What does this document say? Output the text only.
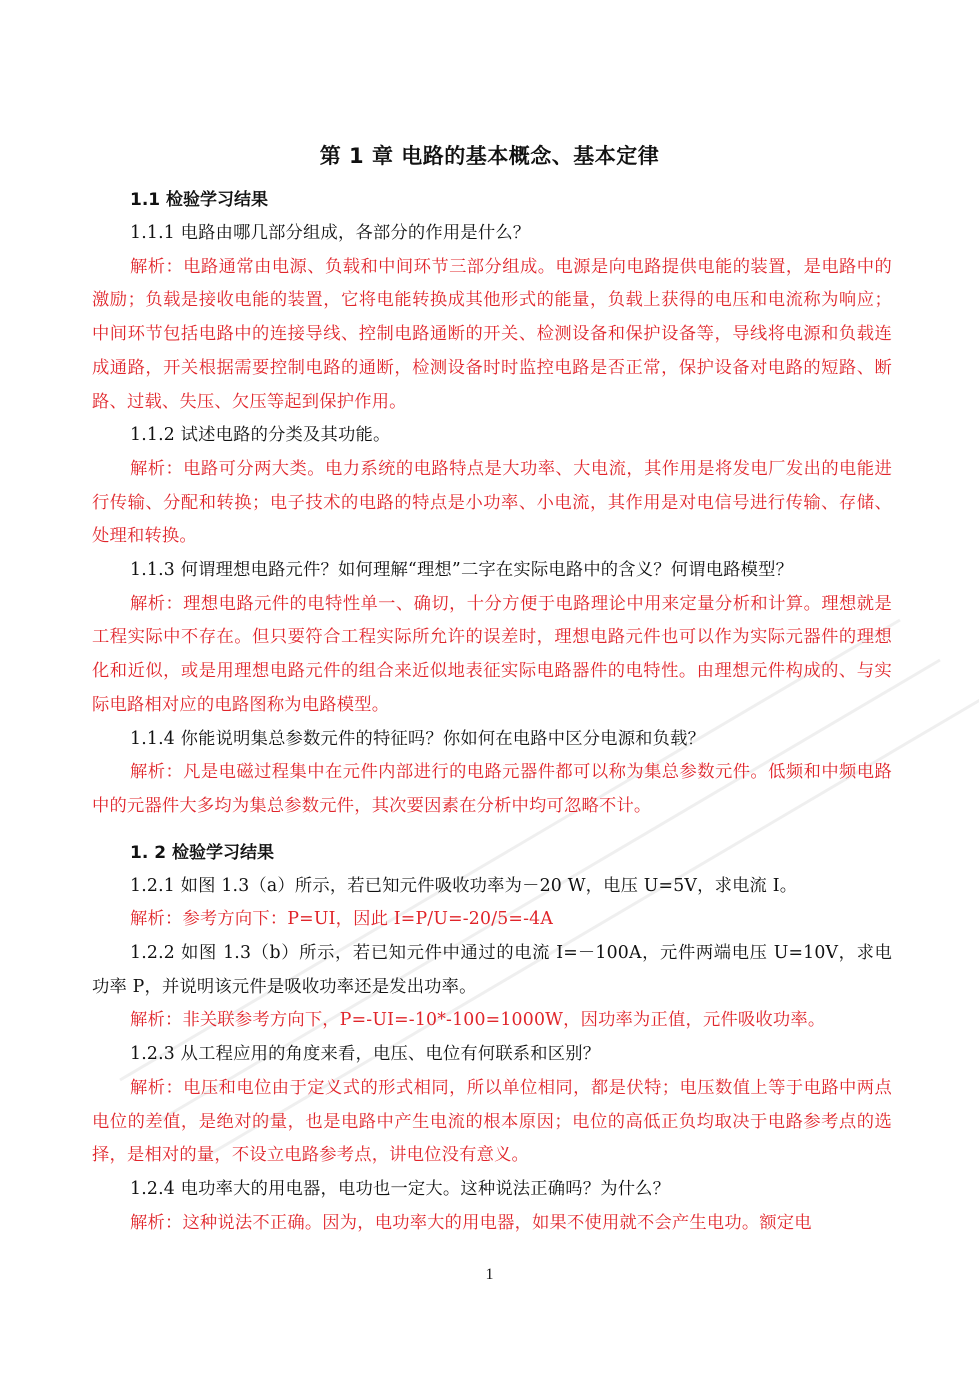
第 1 章 电路的基本概念、基本定律

1.1 检验学习结果

1.1.1 电路由哪几部分组成，各部分的作用是什么？

解析：电路通常由电源、负载和中间环节三部分组成。电源是向电路提供电能的装置，是电路中的激励；负载是接收电能的装置，它将电能转换成其他形式的能量，负载上获得的电压和电流称为响应；中间环节包括电路中的连接导线、控制电路通断的开关、检测设备和保护设备等，导线将电源和负载连成通路，开关根据需要控制电路的通断，检测设备时时监控电路是否正常，保护设备对电路的短路、断路、过载、失压、欠压等起到保护作用。

1.1.2 试述电路的分类及其功能。

解析：电路可分两大类。电力系统的电路特点是大功率、大电流，其作用是将发电厂发出的电能进行传输、分配和转换；电子技术的电路的特点是小功率、小电流，其作用是对电信号进行传输、存储、处理和转换。

1.1.3 何谓理想电路元件？如何理解“理想”二字在实际电路中的含义？何谓电路模型？

解析：理想电路元件的电特性单一、确切，十分方便于电路理论中用来定量分析和计算。理想就是工程实际中不存在。但只要符合工程实际所允许的误差时，理想电路元件也可以作为实际元器件的理想化和近似，或是用理想电路元件的组合来近似地表征实际电路器件的电特性。由理想元件构成的、与实际电路相对应的电路图称为电路模型。

1.1.4 你能说明集总参数元件的特征吗？你如何在电路中区分电源和负载？

解析：凡是电磁过程集中在元件内部进行的电路元器件都可以称为集总参数元件。低频和中频电路中的元器件大多均为集总参数元件，其次要因素在分析中均可忽略不计。

1. 2 检验学习结果

1.2.1 如图 1.3（a）所示，若已知元件吸收功率为－20 W，电压 U=5V，求电流 I。

解析：参考方向下：P=UI，因此 I=P/U=-20/5=-4A

1.2.2 如图 1.3（b）所示，若已知元件中通过的电流 I=－100A，元件两端电压 U=10V，求电功率 P，并说明该元件是吸收功率还是发出功率。

解析：非关联参考方向下，P=-UI=-10*-100=1000W，因功率为正值，元件吸收功率。

1.2.3 从工程应用的角度来看，电压、电位有何联系和区别？

解析：电压和电位由于定义式的形式相同，所以单位相同，都是伏特；电压数值上等于电路中两点电位的差值，是绝对的量，也是电路中产生电流的根本原因；电位的高低正负均取决于电路参考点的选择，是相对的量，不设立电路参考点，讲电位没有意义。

1.2.4 电功率大的用电器，电功也一定大。这种说法正确吗？为什么？

解析：这种说法不正确。因为，电功率大的用电器，如果不使用就不会产生电功。额定电

1
